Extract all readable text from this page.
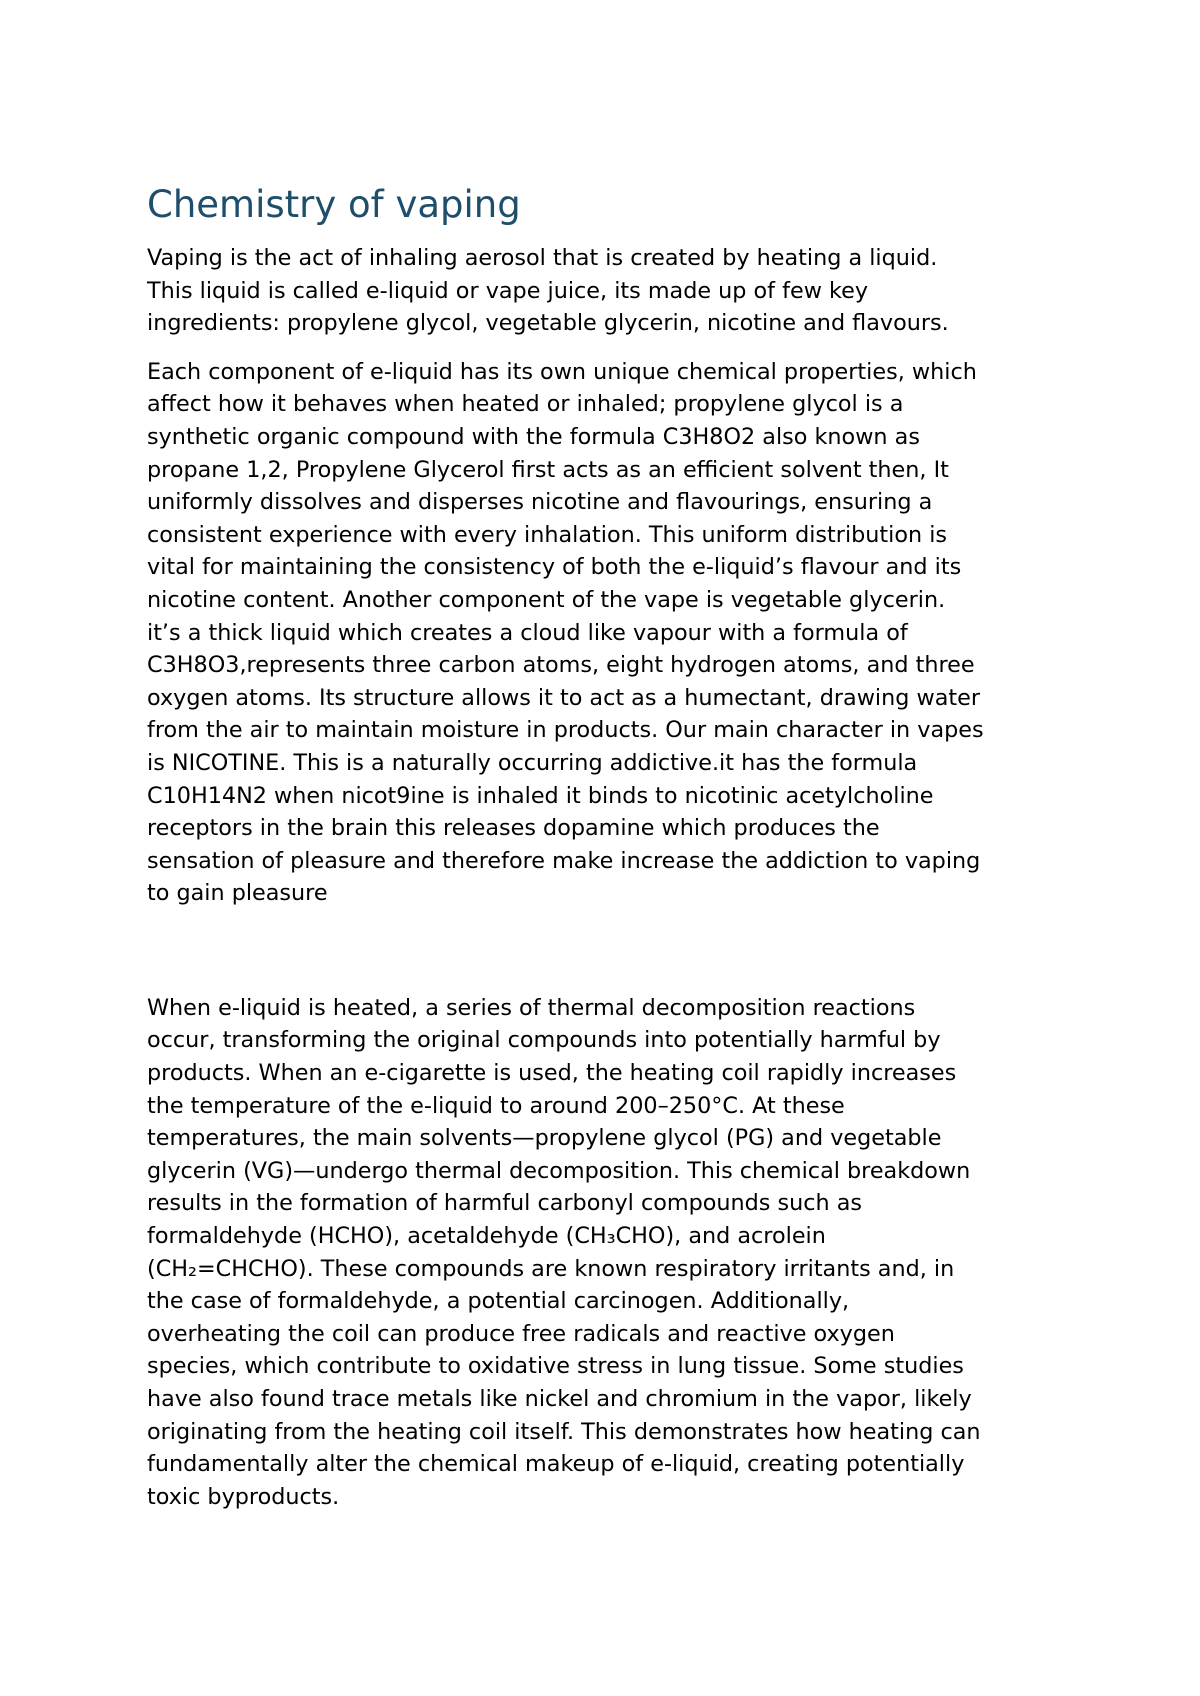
Chemistry of vaping

Vaping is the act of inhaling aerosol that is created by heating a liquid.
This liquid is called e-liquid or vape juice, its made up of few key
ingredients: propylene glycol, vegetable glycerin, nicotine and flavours.

Each component of e-liquid has its own unique chemical properties, which
affect how it behaves when heated or inhaled; propylene glycol is a
synthetic organic compound with the formula C3H8O2 also known as
propane 1,2, Propylene Glycerol first acts as an efficient solvent then, It
uniformly dissolves and disperses nicotine and flavourings, ensuring a
consistent experience with every inhalation. This uniform distribution is
vital for maintaining the consistency of both the e-liquid’s flavour and its
nicotine content. Another component of the vape is vegetable glycerin.
it’s a thick liquid which creates a cloud like vapour with a formula of
C3H8O3,represents three carbon atoms, eight hydrogen atoms, and three
oxygen atoms. Its structure allows it to act as a humectant, drawing water
from the air to maintain moisture in products. Our main character in vapes
is NICOTINE. This is a naturally occurring addictive.it has the formula
C10H14N2 when nicot9ine is inhaled it binds to nicotinic acetylcholine
receptors in the brain this releases dopamine which produces the
sensation of pleasure and therefore make increase the addiction to vaping
to gain pleasure

When e-liquid is heated, a series of thermal decomposition reactions
occur, transforming the original compounds into potentially harmful by
products. When an e-cigarette is used, the heating coil rapidly increases
the temperature of the e-liquid to around 200–250°C. At these
temperatures, the main solvents—propylene glycol (PG) and vegetable
glycerin (VG)—undergo thermal decomposition. This chemical breakdown
results in the formation of harmful carbonyl compounds such as
formaldehyde (HCHO), acetaldehyde (CH₃CHO), and acrolein
(CH₂=CHCHO). These compounds are known respiratory irritants and, in
the case of formaldehyde, a potential carcinogen. Additionally,
overheating the coil can produce free radicals and reactive oxygen
species, which contribute to oxidative stress in lung tissue. Some studies
have also found trace metals like nickel and chromium in the vapor, likely
originating from the heating coil itself. This demonstrates how heating can
fundamentally alter the chemical makeup of e-liquid, creating potentially
toxic byproducts.
